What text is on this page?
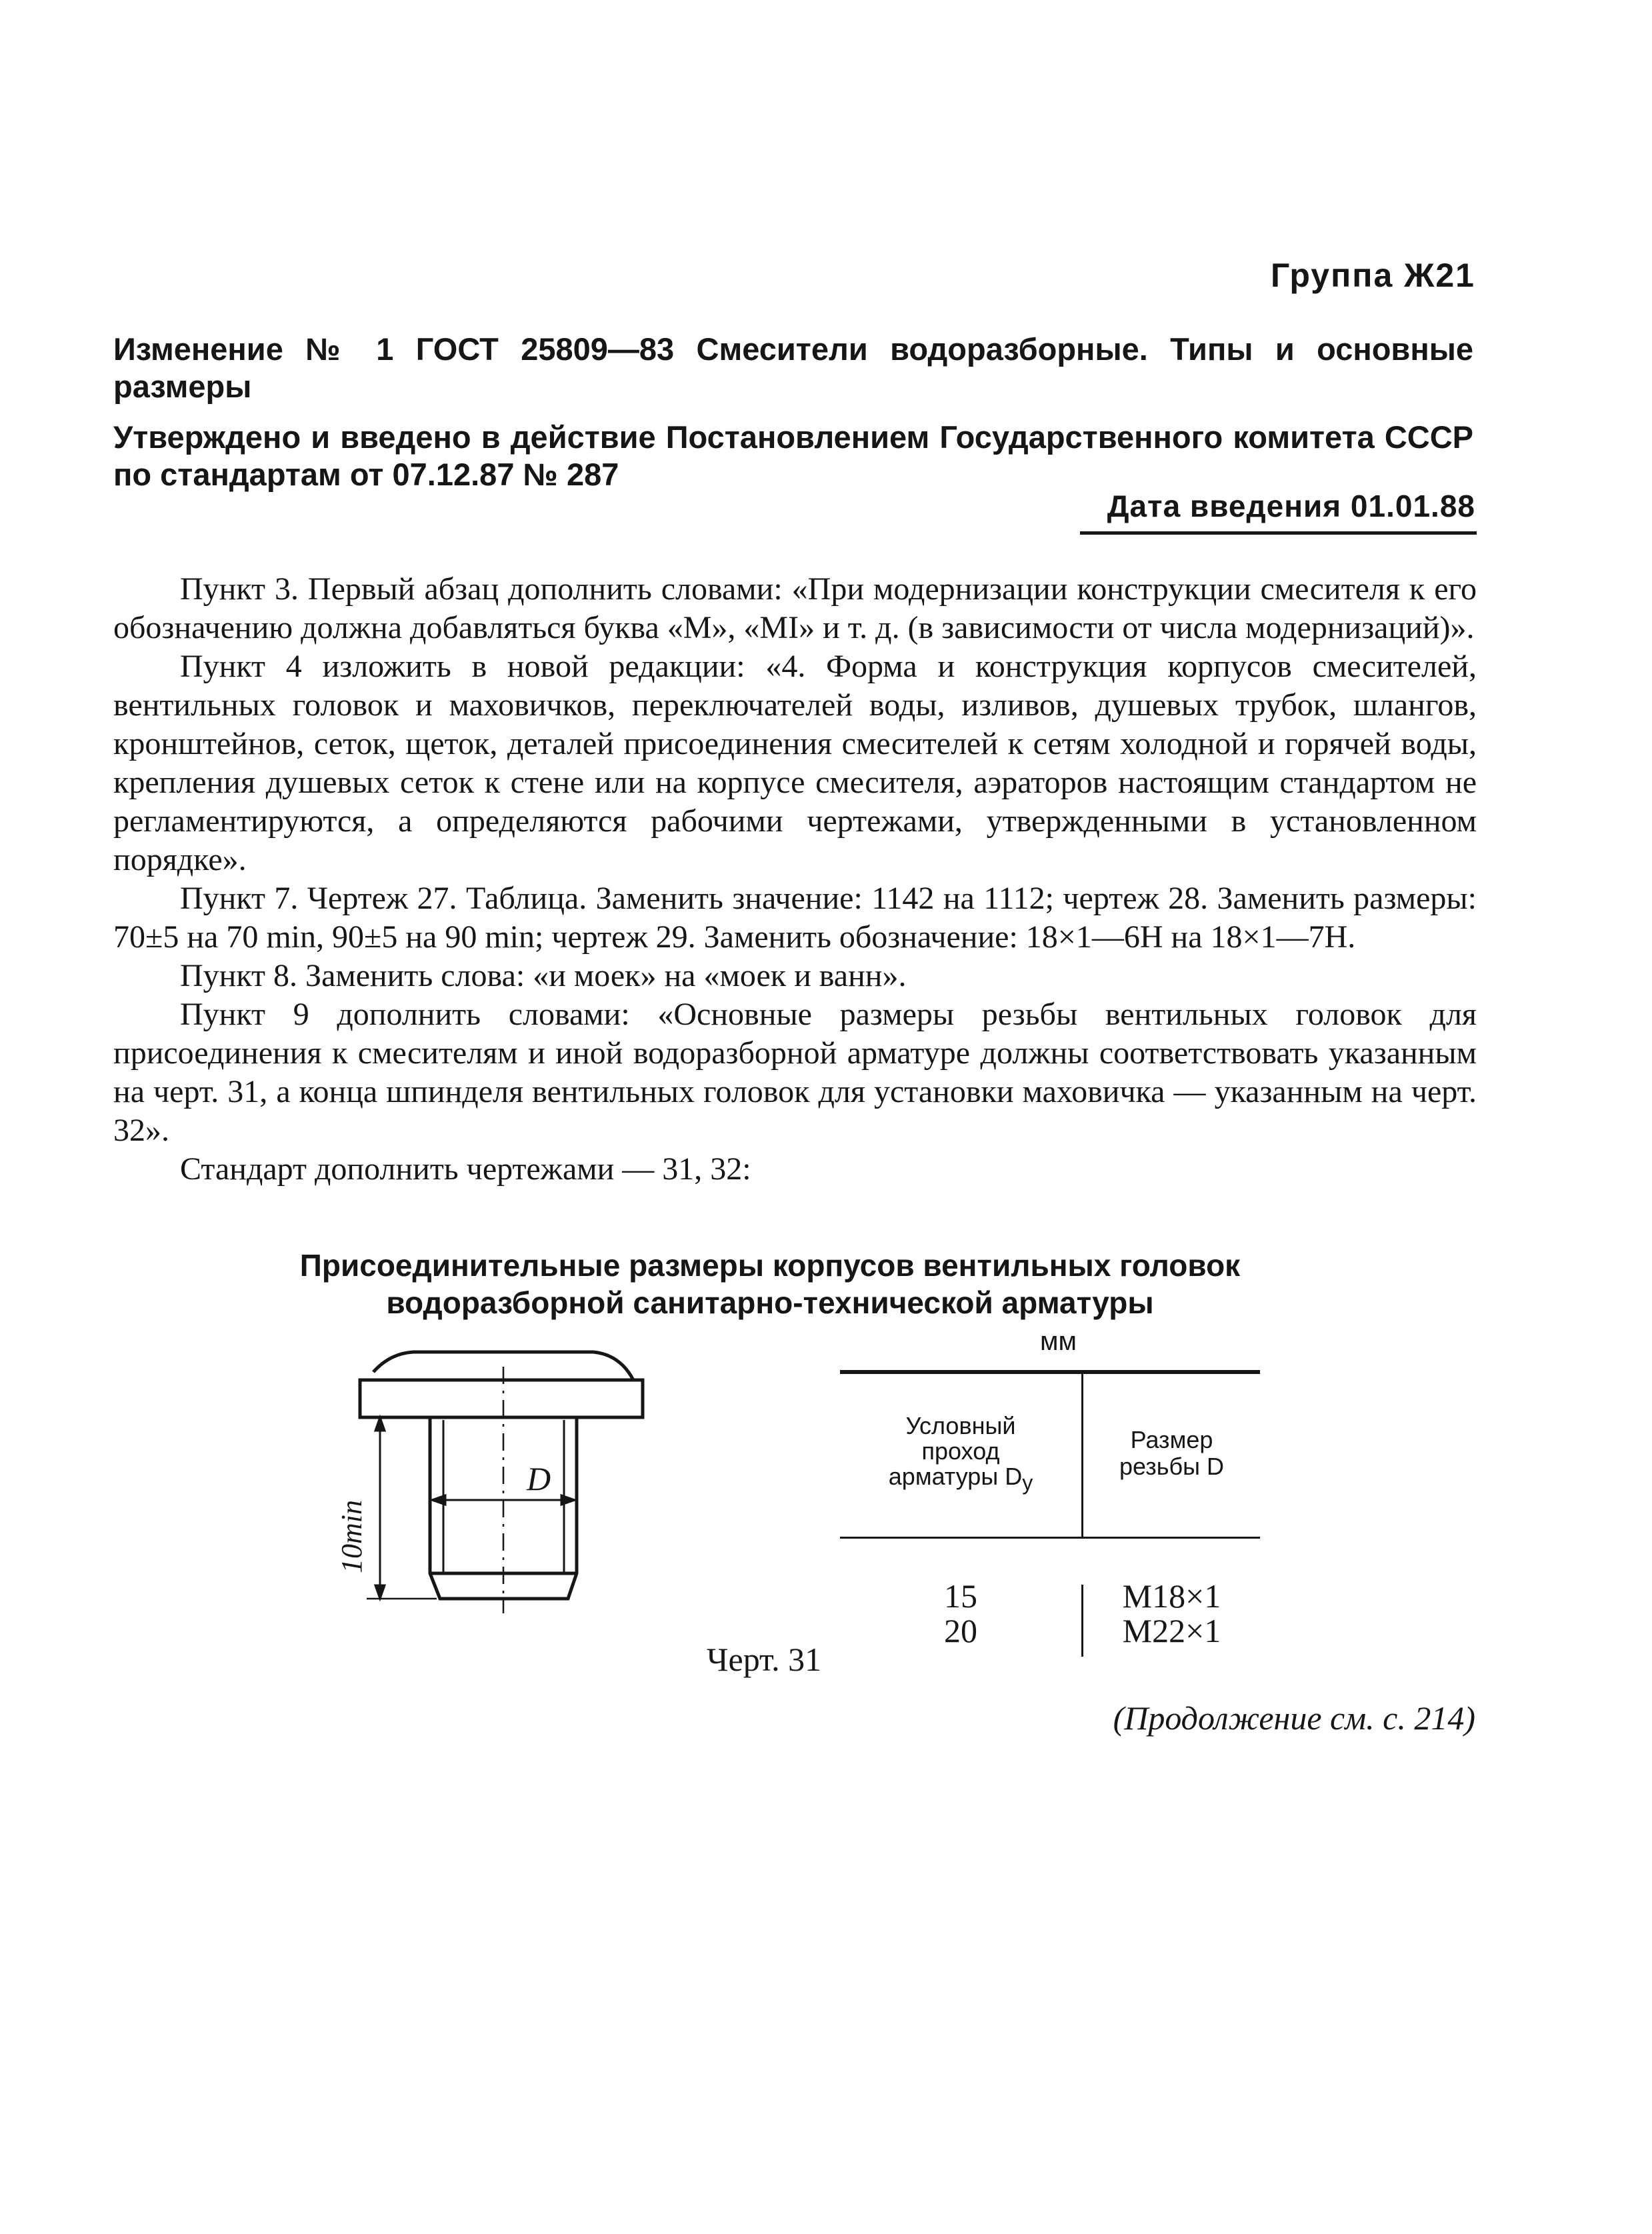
Группа Ж21
Изменение № 1 ГОСТ 25809—83 Смесители водоразборные. Типы и основные размеры
Утверждено и введено в действие Постановлением Государственного комитета СССР по стандартам от 07.12.87 № 287
Дата введения 01.01.88

Пункт 3. Первый абзац дополнить словами: «При модернизации конструкции смесителя к его обозначению должна добавляться буква «М», «МI» и т. д. (в зависимости от числа модернизаций)».

Пункт 4 изложить в новой редакции: «4. Форма и конструкция корпусов смесителей, вентильных головок и маховичков, переключателей воды, изливов, душевых трубок, шлангов, кронштейнов, сеток, щеток, деталей присоединения смесителей к сетям холодной и горячей воды, крепления душевых сеток к стене или на корпусе смесителя, аэраторов настоящим стандартом не регламентируются, а определяются рабочими чертежами, утвержденными в установленном порядке».

Пункт 7. Чертеж 27. Таблица. Заменить значение: 1142 на 1112; чертеж 28. Заменить размеры: 70±5 на 70 min, 90±5 на 90 min; чертеж 29. Заменить обозначение: 18×1—6Н на 18×1—7Н.

Пункт 8. Заменить слова: «и моек» на «моек и ванн».

Пункт 9 дополнить словами: «Основные размеры резьбы вентильных головок для присоединения к смесителям и иной водоразборной арматуре должны соответствовать указанным на черт. 31, а конца шпинделя вентильных головок для установки маховичка — указанным на черт. 32».

Стандарт дополнить чертежами — 31, 32:

Присоединительные размеры корпусов вентильных головок
водоразборной санитарно-технической арматуры
мм
D
10min
Черт. 31
Условный
проход
арматуры $D_у$
Размер
резьбы D
15	M18×1
20	M22×1
(Продолжение см. с. 214)
